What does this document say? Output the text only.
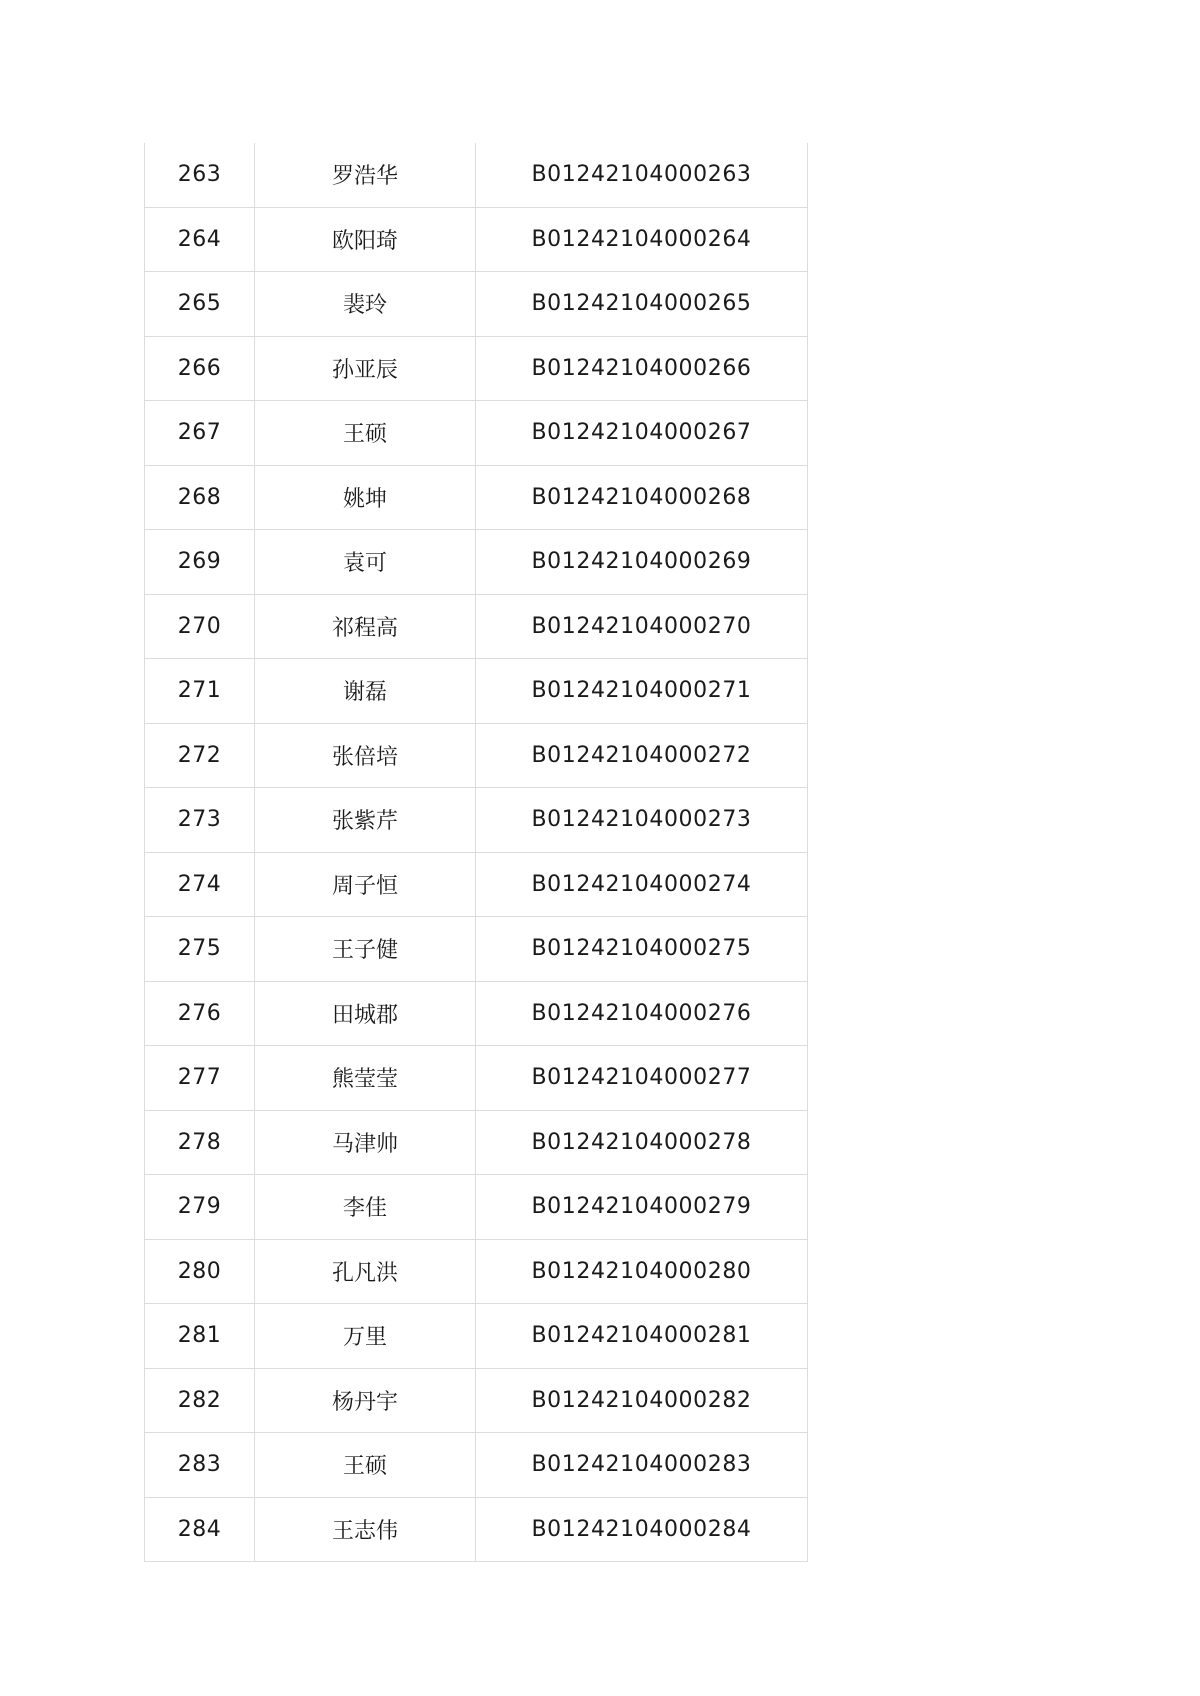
263	罗浩华	B01242104000263
264	欧阳琦	B01242104000264
265	裴玲	B01242104000265
266	孙亚辰	B01242104000266
267	王硕	B01242104000267
268	姚坤	B01242104000268
269	袁可	B01242104000269
270	祁程高	B01242104000270
271	谢磊	B01242104000271
272	张倍培	B01242104000272
273	张紫芹	B01242104000273
274	周子恒	B01242104000274
275	王子健	B01242104000275
276	田城郡	B01242104000276
277	熊莹莹	B01242104000277
278	马津帅	B01242104000278
279	李佳	B01242104000279
280	孔凡洪	B01242104000280
281	万里	B01242104000281
282	杨丹宇	B01242104000282
283	王硕	B01242104000283
284	王志伟	B01242104000284
